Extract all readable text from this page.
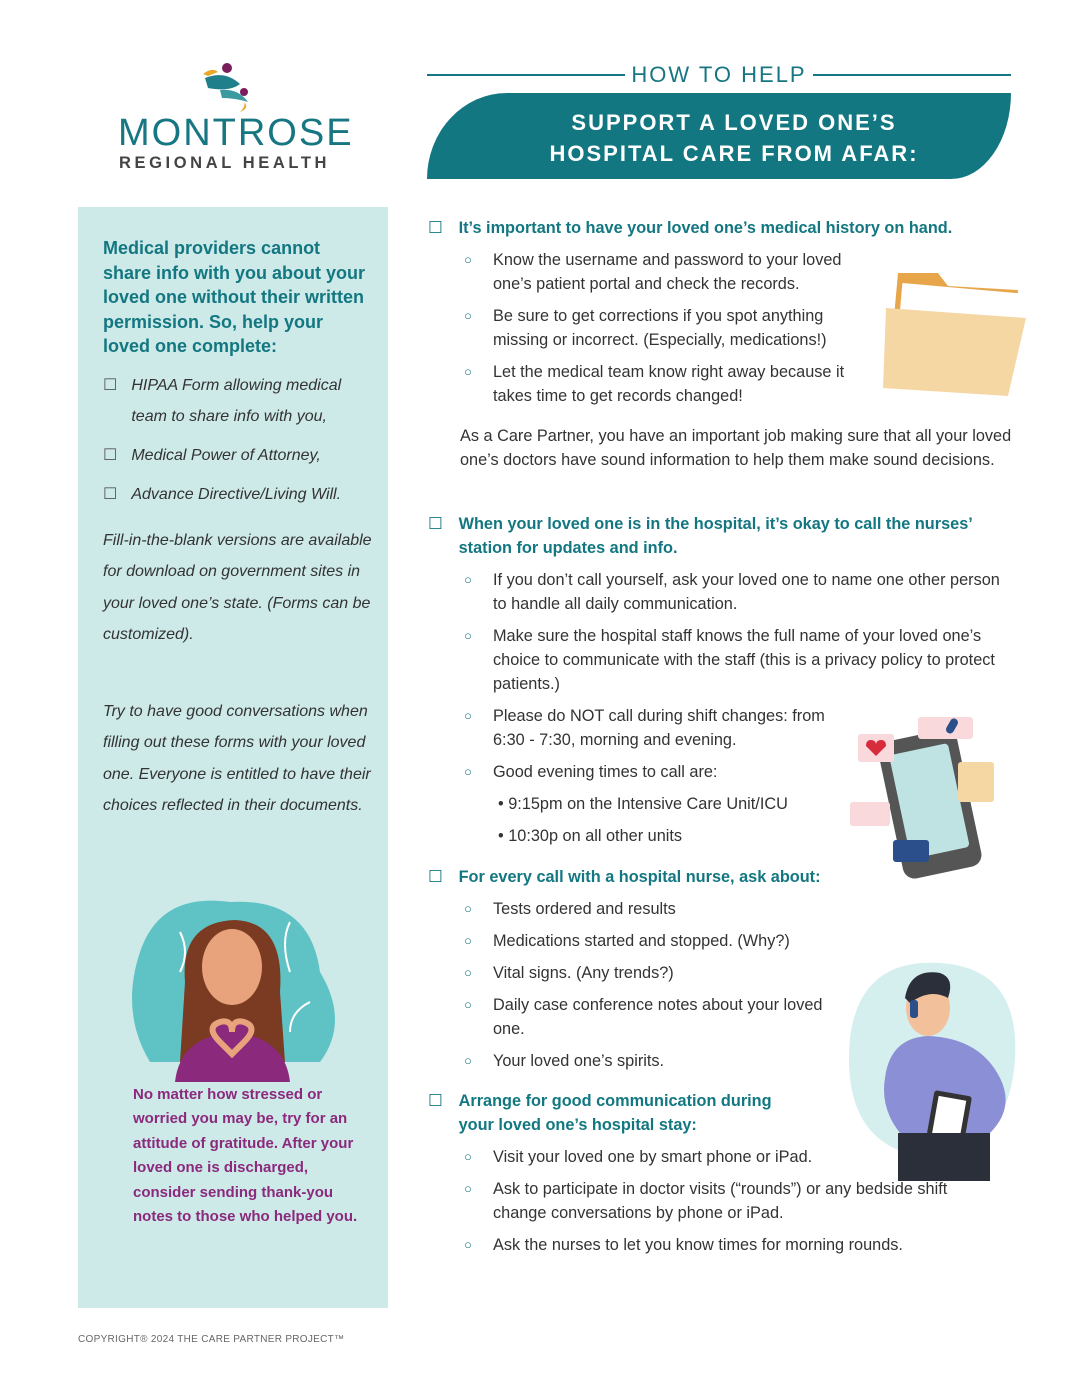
MONTROSE
REGIONAL HEALTH
HOW TO HELP
SUPPORT A LOVED ONE’S
HOSPITAL CARE FROM AFAR:
Medical providers cannot share info with you about your loved one without their written permission. So, help your loved one complete:
☐ HIPAA Form allowing medical team to share info with you,
☐ Medical Power of Attorney,
☐ Advance Directive/Living Will.
Fill-in-the-blank versions are available for download on government sites in your loved one’s state. (Forms can be customized).
Try to have good conversations when filling out these forms with your loved one. Everyone is entitled to have their choices reflected in their documents.
No matter how stressed or worried you may be, try for an attitude of gratitude. After your loved one is discharged, consider sending thank-you notes to those who helped you.
☐ It’s important to have your loved one’s medical history on hand.
○	Know the username and password to your loved one’s patient portal and check the records.
○	Be sure to get corrections if you spot anything missing or incorrect. (Especially, medications!)
○	Let the medical team know right away because it takes time to get records changed!
As a Care Partner, you have an important job making sure that all your loved one’s doctors have sound information to help them make sound decisions.
☐ When your loved one is in the hospital, it’s okay to call the nurses’ station for updates and info.
○	If you don’t call yourself, ask your loved one to name one other person to handle all daily communication.
○	Make sure the hospital staff knows the full name of your loved one’s choice to communicate with the staff (this is a privacy policy to protect patients.)
○	Please do NOT call during shift changes: from 6:30 - 7:30, morning and evening.
○	Good evening times to call are:
• 9:15pm on the Intensive Care Unit/ICU
• 10:30p on all other units
☐ For every call with a hospital nurse, ask about:
○	Tests ordered and results
○	Medications started and stopped. (Why?)
○	Vital signs. (Any trends?)
○	Daily case conference notes about your loved one.
○	Your loved one’s spirits.
☐ Arrange for good communication during your loved one’s hospital stay:
○	Visit your loved one by smart phone or iPad.
○	Ask to participate in doctor visits (“rounds”) or any bedside shift change conversations by phone or iPad.
○	Ask the nurses to let you know times for morning rounds.
COPYRIGHT® 2024 THE CARE PARTNER PROJECT™
